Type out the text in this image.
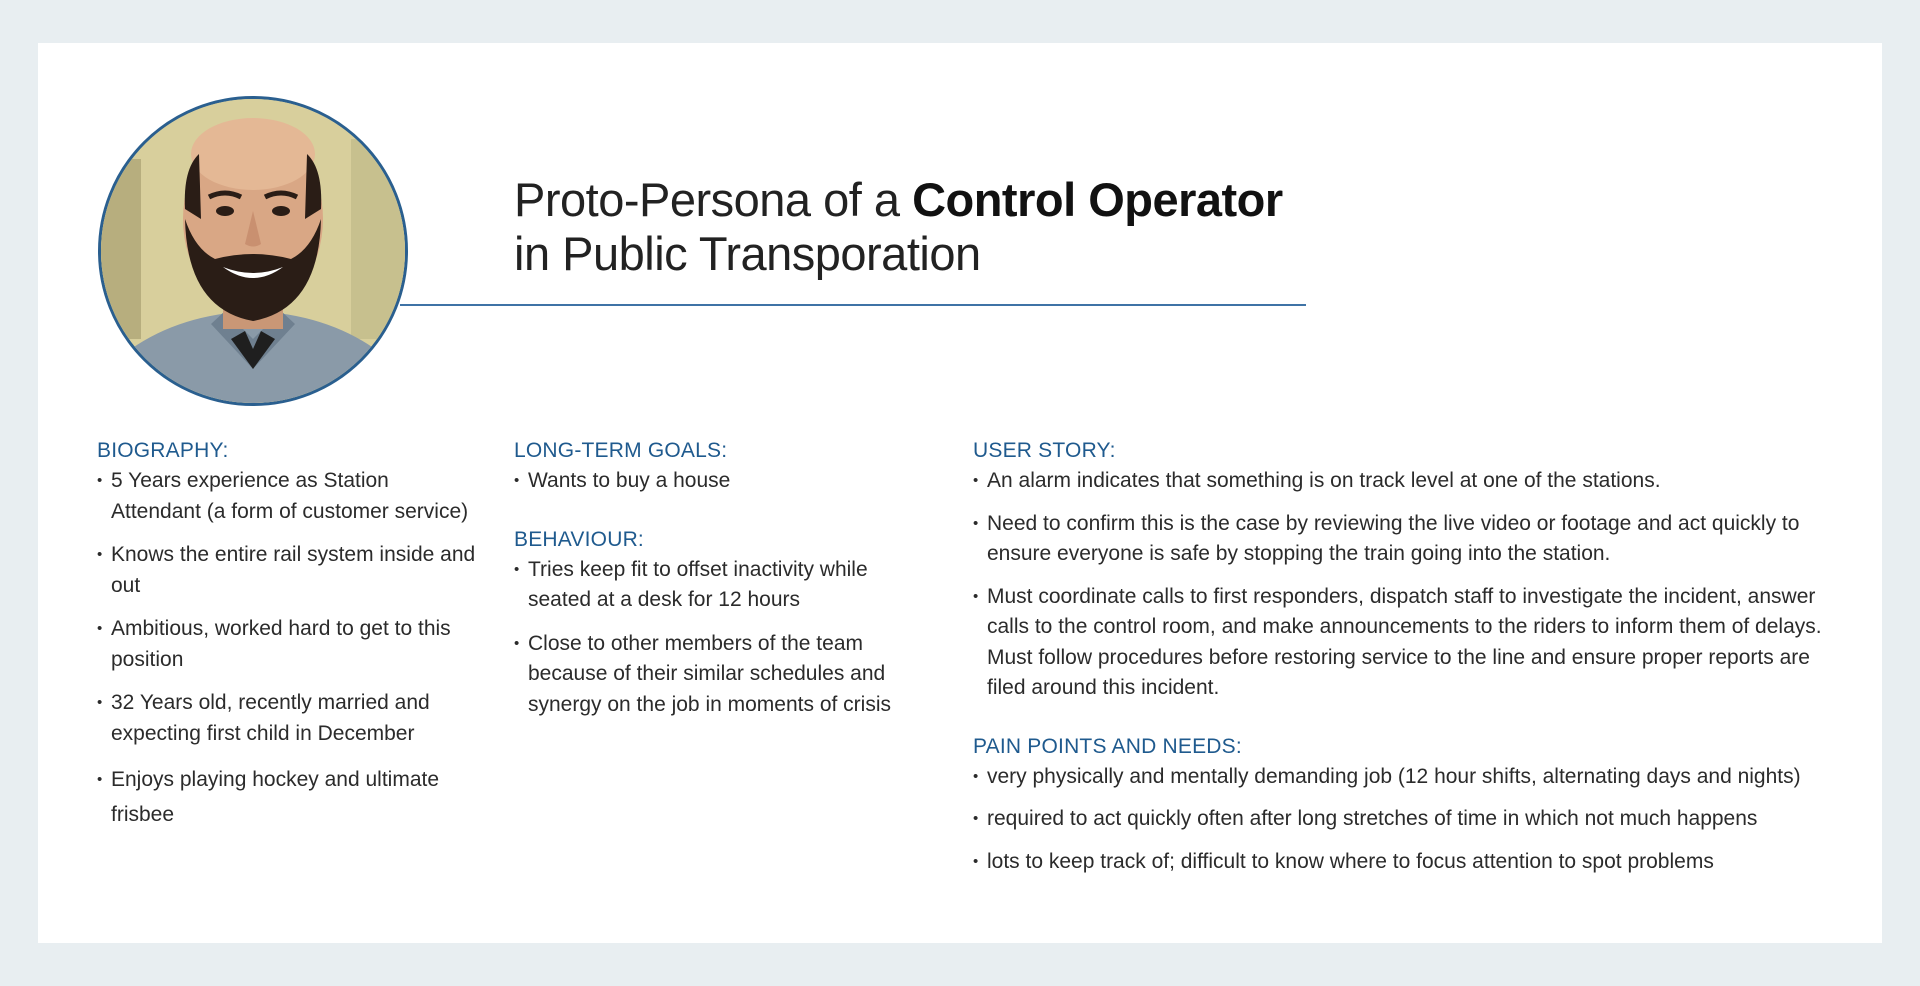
Proto-Persona of a Control Operator
in Public Transporation
BIOGRAPHY:
• 5 Years experience as Station Attendant (a form of customer service)
• Knows the entire rail system inside and out
• Ambitious, worked hard to get to this position
• 32 Years old, recently married and expecting first child in December
• Enjoys playing hockey and ultimate frisbee
LONG-TERM GOALS:
• Wants to buy a house
BEHAVIOUR:
• Tries keep fit to offset inactivity while seated at a desk for 12 hours
• Close to other members of the team because of their similar schedules and synergy on the job in moments of crisis
USER STORY:
• An alarm indicates that something is on track level at one of the stations.
• Need to confirm this is the case by reviewing the live video or footage and act quickly to ensure everyone is safe by stopping the train going into the station.
• Must coordinate calls to first responders, dispatch staff to investigate the incident, answer calls to the control room, and make announcements to the riders to inform them of delays. Must follow procedures before restoring service to the line and ensure proper reports are filed around this incident.
PAIN POINTS AND NEEDS:
• very physically and mentally demanding job (12 hour shifts, alternating days and nights)
• required to act quickly often after long stretches of time in which not much happens
• lots to keep track of; difficult to know where to focus attention to spot problems
